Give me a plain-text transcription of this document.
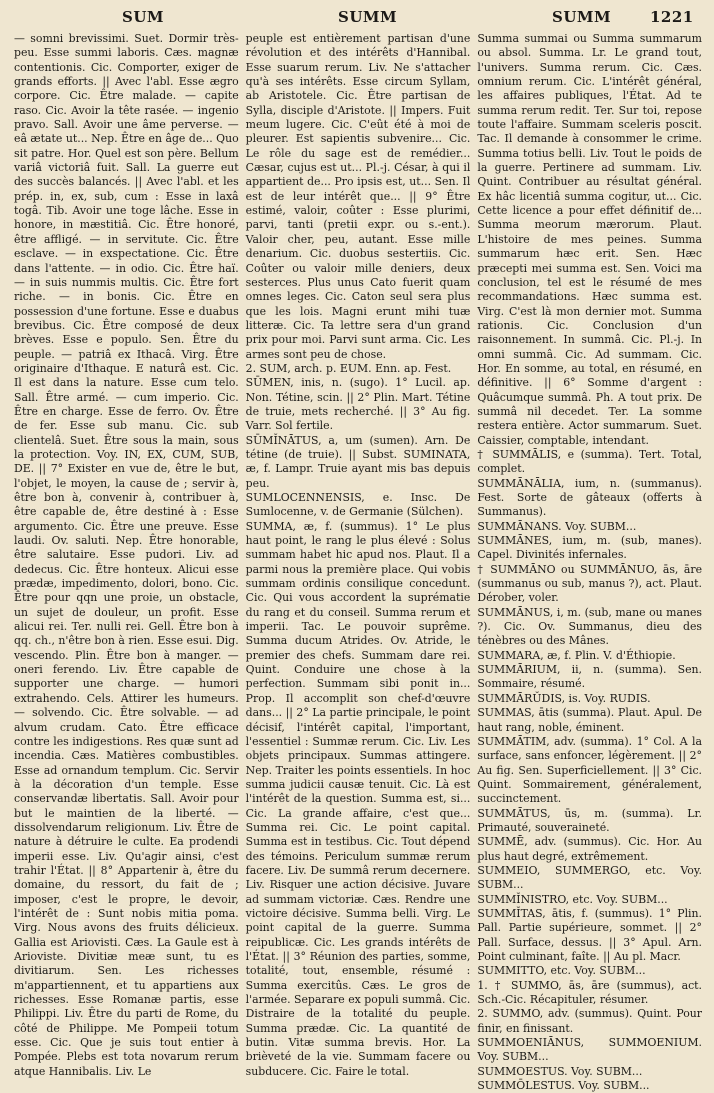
SUM	SUMM	SUMM	1221

— somni brevissimi. Suet. Dormir très-peu. Esse summi laboris. Cæs. magnæ contentionis. Cic. Comporter, exiger de grands efforts. || Avec l'abl. Esse ægro corpore. Cic. Être malade. — capite raso. Cic. Avoir la tête rasée. — ingenio pravo. Sall. Avoir une âme perverse. — eâ ætate ut... Nep. Être en âge de... Quo sit patre. Hor. Quel est son père. Bellum variâ victoriâ fuit. Sall. La guerre eut des succès balancés. || Avec l'abl. et les prép. in, ex, sub, cum : Esse in laxâ togâ. Tib. Avoir une toge lâche. Esse in honore, in mæstitiâ. Cic. Être honoré, être affligé. — in servitute. Cic. Être esclave. — in exspectatione. Cic. Être dans l'attente. — in odio. Cic. Être haï. — in suis nummis multis. Cic. Être fort riche. — in bonis. Cic. Être en possession d'une fortune. Esse e duabus brevibus. Cic. Être composé de deux brèves. Esse e populo. Sen. Être du peuple. — patriâ ex Ithacâ. Virg. Être originaire d'Ithaque. E naturâ est. Cic. Il est dans la nature. Esse cum telo. Sall. Être armé. — cum imperio. Cic. Être en charge. Esse de ferro. Ov. Être de fer. Esse sub manu. Cic. sub clientelâ. Suet. Être sous la main, sous la protection. Voy. IN, EX, CUM, SUB, DE. || 7° Exister en vue de, être le but, l'objet, le moyen, la cause de ; servir à, être bon à, convenir à, contribuer à, être capable de, être destiné à : Esse argumento. Cic. Être une preuve. Esse laudi. Ov. saluti. Nep. Être honorable, être salutaire. Esse pudori. Liv. ad dedecus. Cic. Être honteux. Alicui esse prædæ, impedimento, dolori, bono. Cic. Être pour qqn une proie, un obstacle, un sujet de douleur, un profit. Esse alicui rei. Ter. nulli rei. Gell. Être bon à qq. ch., n'être bon à rien. Esse esui. Dig. vescendo. Plin. Être bon à manger. — oneri ferendo. Liv. Être capable de supporter une charge. — humori extrahendo. Cels. Attirer les humeurs. — solvendo. Cic. Être solvable. — ad alvum crudam. Cato. Être efficace contre les indigestions. Res quæ sunt ad incendia. Cæs. Matières combustibles. Esse ad ornandum templum. Cic. Servir à la décoration d'un temple. Esse conservandæ libertatis. Sall. Avoir pour but le maintien de la liberté. — dissolvendarum religionum. Liv. Être de nature à détruire le culte. Ea prodendi imperii esse. Liv. Qu'agir ainsi, c'est trahir l'État. || 8° Appartenir à, être du domaine, du ressort, du fait de ; imposer, c'est le propre, le devoir, l'intérêt de : Sunt nobis mitia poma. Virg. Nous avons des fruits délicieux. Gallia est Ariovisti. Cæs. La Gaule est à Arioviste. Divitiæ meæ sunt, tu es divitiarum. Sen. Les richesses m'appartiennent, et tu appartiens aux richesses. Esse Romanæ partis, esse Philippi. Liv. Être du parti de Rome, du côté de Philippe. Me Pompeii totum esse. Cic. Que je suis tout entier à Pompée. Plebs est tota novarum rerum atque Hannibalis. Liv. Le

peuple est entièrement partisan d'une révolution et des intérêts d'Hannibal. Esse suarum rerum. Liv. Ne s'attacher qu'à ses intérêts. Esse circum Syllam, ab Aristotele. Cic. Être partisan de Sylla, disciple d'Aristote. || Impers. Fuit meum lugere. Cic. C'eût été à moi de pleurer. Est sapientis subvenire... Cic. Le rôle du sage est de remédier... Cæsar, cujus est ut... Pl.-j. César, à qui il appartient de... Pro ipsis est, ut... Sen. Il est de leur intérêt que... || 9° Être estimé, valoir, coûter : Esse plurimi, parvi, tanti (pretii expr. ou s.-ent.). Valoir cher, peu, autant. Esse mille denarium. Cic. duobus sestertiis. Cic. Coûter ou valoir mille deniers, deux sesterces. Plus unus Cato fuerit quam omnes leges. Cic. Caton seul sera plus que les lois. Magni erunt mihi tuæ litteræ. Cic. Ta lettre sera d'un grand prix pour moi. Parvi sunt arma. Cic. Les armes sont peu de chose.

2. SUM, arch. p. EUM. Enn. ap. Fest.

SŪMEN, inis, n. (sugo). 1° Lucil. ap. Non. Tétine, scin. || 2° Plin. Mart. Tétine de truie, mets recherché. || 3° Au fig. Varr. Sol fertile.

SŪMĬNĀTUS, a, um (sumen). Arn. De tétine (de truie). || Subst. SUMINATA, æ, f. Lampr. Truie ayant mis bas depuis peu.

SUMLOCENNENSIS, e. Insc. De Sumlocenne, v. de Germanie (Sülchen).

SUMMA, æ, f. (summus). 1° Le plus haut point, le rang le plus élevé : Solus summam habet hic apud nos. Plaut. Il a parmi nous la première place. Qui vobis summam ordinis consilique concedunt. Cic. Qui vous accordent la suprématie du rang et du conseil. Summa rerum et imperii. Tac. Le pouvoir suprême. Summa ducum Atrides. Ov. Atride, le premier des chefs. Summam dare rei. Quint. Conduire une chose à la perfection. Summam sibi ponit in... Prop. Il accomplit son chef-d'œuvre dans... || 2° La partie principale, le point décisif, l'intérêt capital, l'important, l'essentiel : Summæ rerum. Cic. Liv. Les objets principaux. Summas attingere. Nep. Traiter les points essentiels. In hoc summa judicii causæ tenuit. Cic. Là est l'intérêt de la question. Summa est, si... Cic. La grande affaire, c'est que... Summa rei. Cic. Le point capital. Summa est in testibus. Cic. Tout dépend des témoins. Periculum summæ rerum facere. Liv. De summâ rerum decernere. Liv. Risquer une action décisive. Juvare ad summam victoriæ. Cæs. Rendre une victoire décisive. Summa belli. Virg. Le point capital de la guerre. Summa reipublicæ. Cic. Les grands intérêts de l'État. || 3° Réunion des parties, somme, totalité, tout, ensemble, résumé : Summa exercitûs. Cæs. Le gros de l'armée. Separare ex populi summâ. Cic. Distraire de la totalité du peuple. Summa prædæ. Cic. La quantité de butin. Vitæ summa brevis. Hor. La brièveté de la vie. Summam facere ou subducere. Cic. Faire le total.

Summa summai ou Summa summarum ou absol. Summa. Lr. Le grand tout, l'univers. Summa rerum. Cic. Cæs. omnium rerum. Cic. L'intérêt général, les affaires publiques, l'État. Ad te summa rerum redit. Ter. Sur toi, repose toute l'affaire. Summam sceleris poscit. Tac. Il demande à consommer le crime. Summa totius belli. Liv. Tout le poids de la guerre. Pertinere ad summam. Liv. Quint. Contribuer au résultat général. Ex hâc licentiâ summa cogitur, ut... Cic. Cette licence a pour effet définitif de... Summa meorum mærorum. Plaut. L'histoire de mes peines. Summa summarum hæc erit. Sen. Hæc præcepti mei summa est. Sen. Voici ma conclusion, tel est le résumé de mes recommandations. Hæc summa est. Virg. C'est là mon dernier mot. Summa rationis. Cic. Conclusion d'un raisonnement. In summâ. Cic. Pl.-j. In omni summâ. Cic. Ad summam. Cic. Hor. En somme, au total, en résumé, en définitive. || 6° Somme d'argent : Quâcumque summâ. Ph. A tout prix. De summâ nil decedet. Ter. La somme restera entière. Actor summarum. Suet. Caissier, comptable, intendant.

† SUMMĀLIS, e (summa). Tert. Total, complet.

SUMMĀNĀLIA, ium, n. (summanus). Fest. Sorte de gâteaux (offerts à Summanus).

SUMMĀNANS. Voy. SUBM...

SUMMĀNES, ium, m. (sub, manes). Capel. Divinités infernales.

† SUMMĀNO ou SUMMĀNUO, ās, āre (summanus ou sub, manus ?), act. Plaut. Dérober, voler.

SUMMĀNUS, i, m. (sub, mane ou manes ?). Cic. Ov. Summanus, dieu des ténèbres ou des Mânes.

SUMMARA, æ, f. Plin. V. d'Éthiopie.

SUMMĀRIUM, ii, n. (summa). Sen. Sommaire, résumé.

SUMMĀRŬDIS, is. Voy. RUDIS.

SUMMAS, ātis (summa). Plaut. Apul. De haut rang, noble, éminent.

SUMMĀTIM, adv. (summa). 1° Col. A la surface, sans enfoncer, légèrement. || 2° Au fig. Sen. Superficiellement. || 3° Cic. Quint. Sommairement, généralement, succinctement.

SUMMĀTUS, ūs, m. (summa). Lr. Primauté, souveraineté.

SUMMĒ, adv. (summus). Cic. Hor. Au plus haut degré, extrêmement.

SUMMEIO, SUMMERGO, etc. Voy. SUBM...

SUMMĬNISTRO, etc. Voy. SUBM...

SUMMĬTAS, ātis, f. (summus). 1° Plin. Pall. Partie supérieure, sommet. || 2° Pall. Surface, dessus. || 3° Apul. Arn. Point culminant, faîte. || Au pl. Macr.

SUMMITTO, etc. Voy. SUBM...

1. † SUMMO, ās, āre (summus), act. Sch.-Cic. Récapituler, résumer.

2. SUMMO, adv. (summus). Quint. Pour finir, en finissant.

SUMMOENIĀNUS, SUMMOENIUM. Voy. SUBM...

SUMMOESTUS. Voy. SUBM...

SUMMŌLESTUS. Voy. SUBM...
